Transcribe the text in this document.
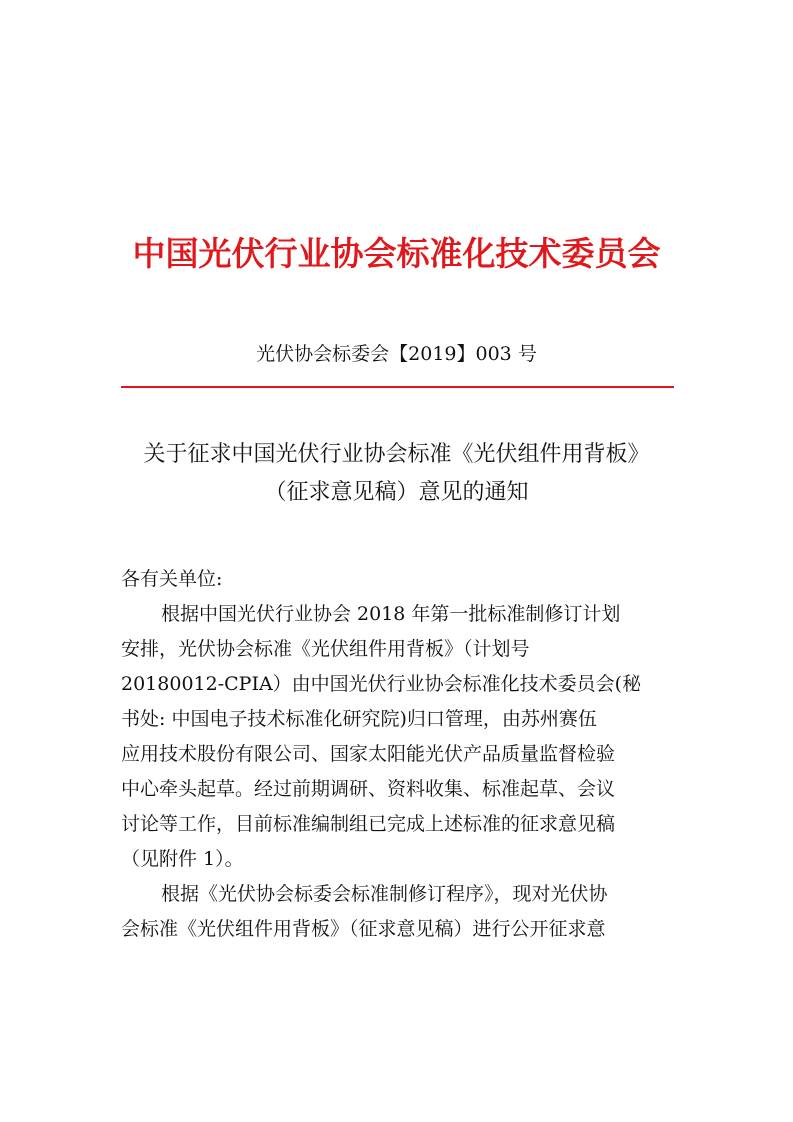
中国光伏行业协会标准化技术委员会
光伏协会标委会【2019】003 号
关于征求中国光伏行业协会标准《光伏组件用背板》
（征求意见稿）意见的通知
各有关单位:
根据中国光伏行业协会 2018 年第一批标准制修订计划
安排，光伏协会标准《光伏组件用背板》（计划号
20180012-CPIA）由中国光伏行业协会标准化技术委员会(秘
书处: 中国电子技术标准化研究院)归口管理，由苏州赛伍
应用技术股份有限公司、国家太阳能光伏产品质量监督检验
中心牵头起草。经过前期调研、资料收集、标准起草、会议
讨论等工作，目前标准编制组已完成上述标准的征求意见稿
（见附件 1）。
根据《光伏协会标委会标准制修订程序》，现对光伏协
会标准《光伏组件用背板》（征求意见稿）进行公开征求意
